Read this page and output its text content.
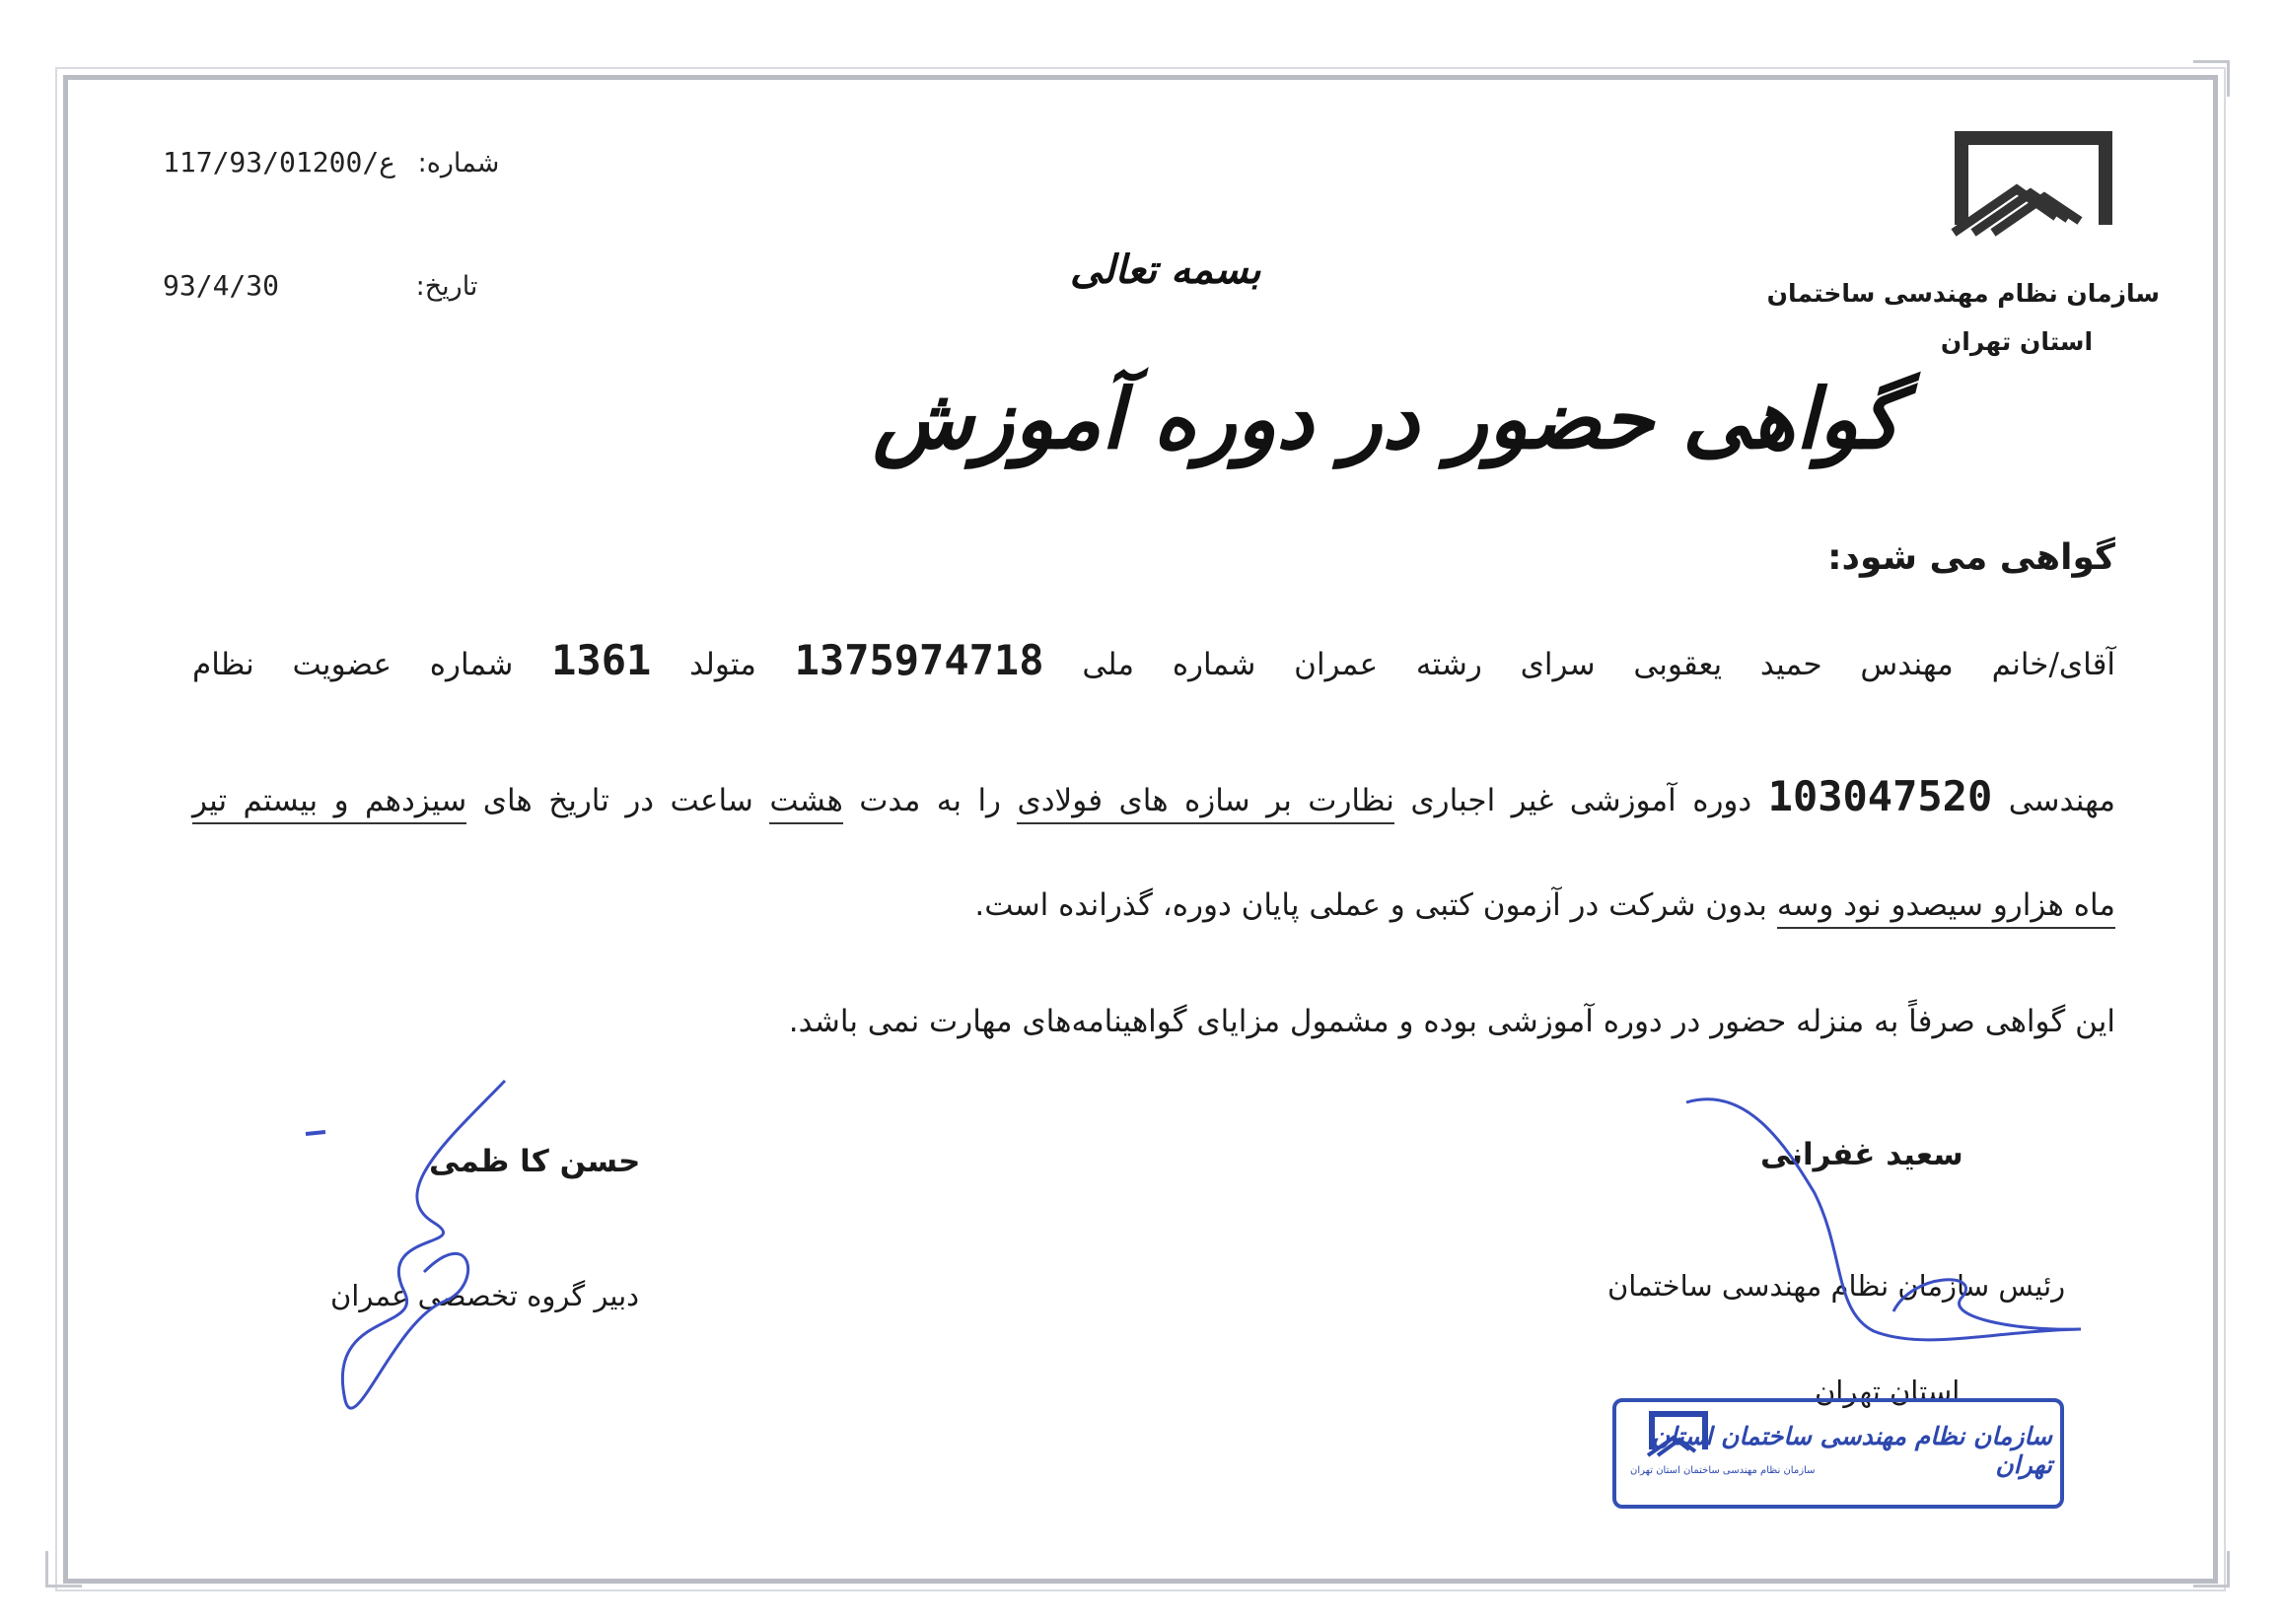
117/93/ع/01200 شماره:
93/4/30	تاریخ:	سازمان نظام مهندسی ساختمان
استان تهران
بسمه تعالی
گواهی حضور در دوره آموزش
گواهی می شود:
آقای/خانم مهندس حمید یعقوبی سرای رشته عمران شماره ملی 1375974718 متولد 1361 شماره عضویت نظام
مهندسی 103047520 دوره آموزشی غیر اجباری نظارت بر سازه های فولادی را به مدت هشت ساعت در تاریخ های سیزدهم و بیستم تیر
ماه هزارو سیصدو نود وسه بدون شرکت در آزمون کتبی و عملی پایان دوره، گذرانده است.
این گواهی صرفاً به منزله حضور در دوره آموزشی بوده و مشمول مزایای گواهینامه‌های مهارت نمی باشد.
سعید غفرانی
رئیس سازمان نظام مهندسی ساختمان
استان تهران
حسن کا ظمی
دبیر گروه تخصصی عمران
سازمان نظام مهندسی ساختمان استان تهران
سازمان نظام مهندسی ساختمان استان تهران
